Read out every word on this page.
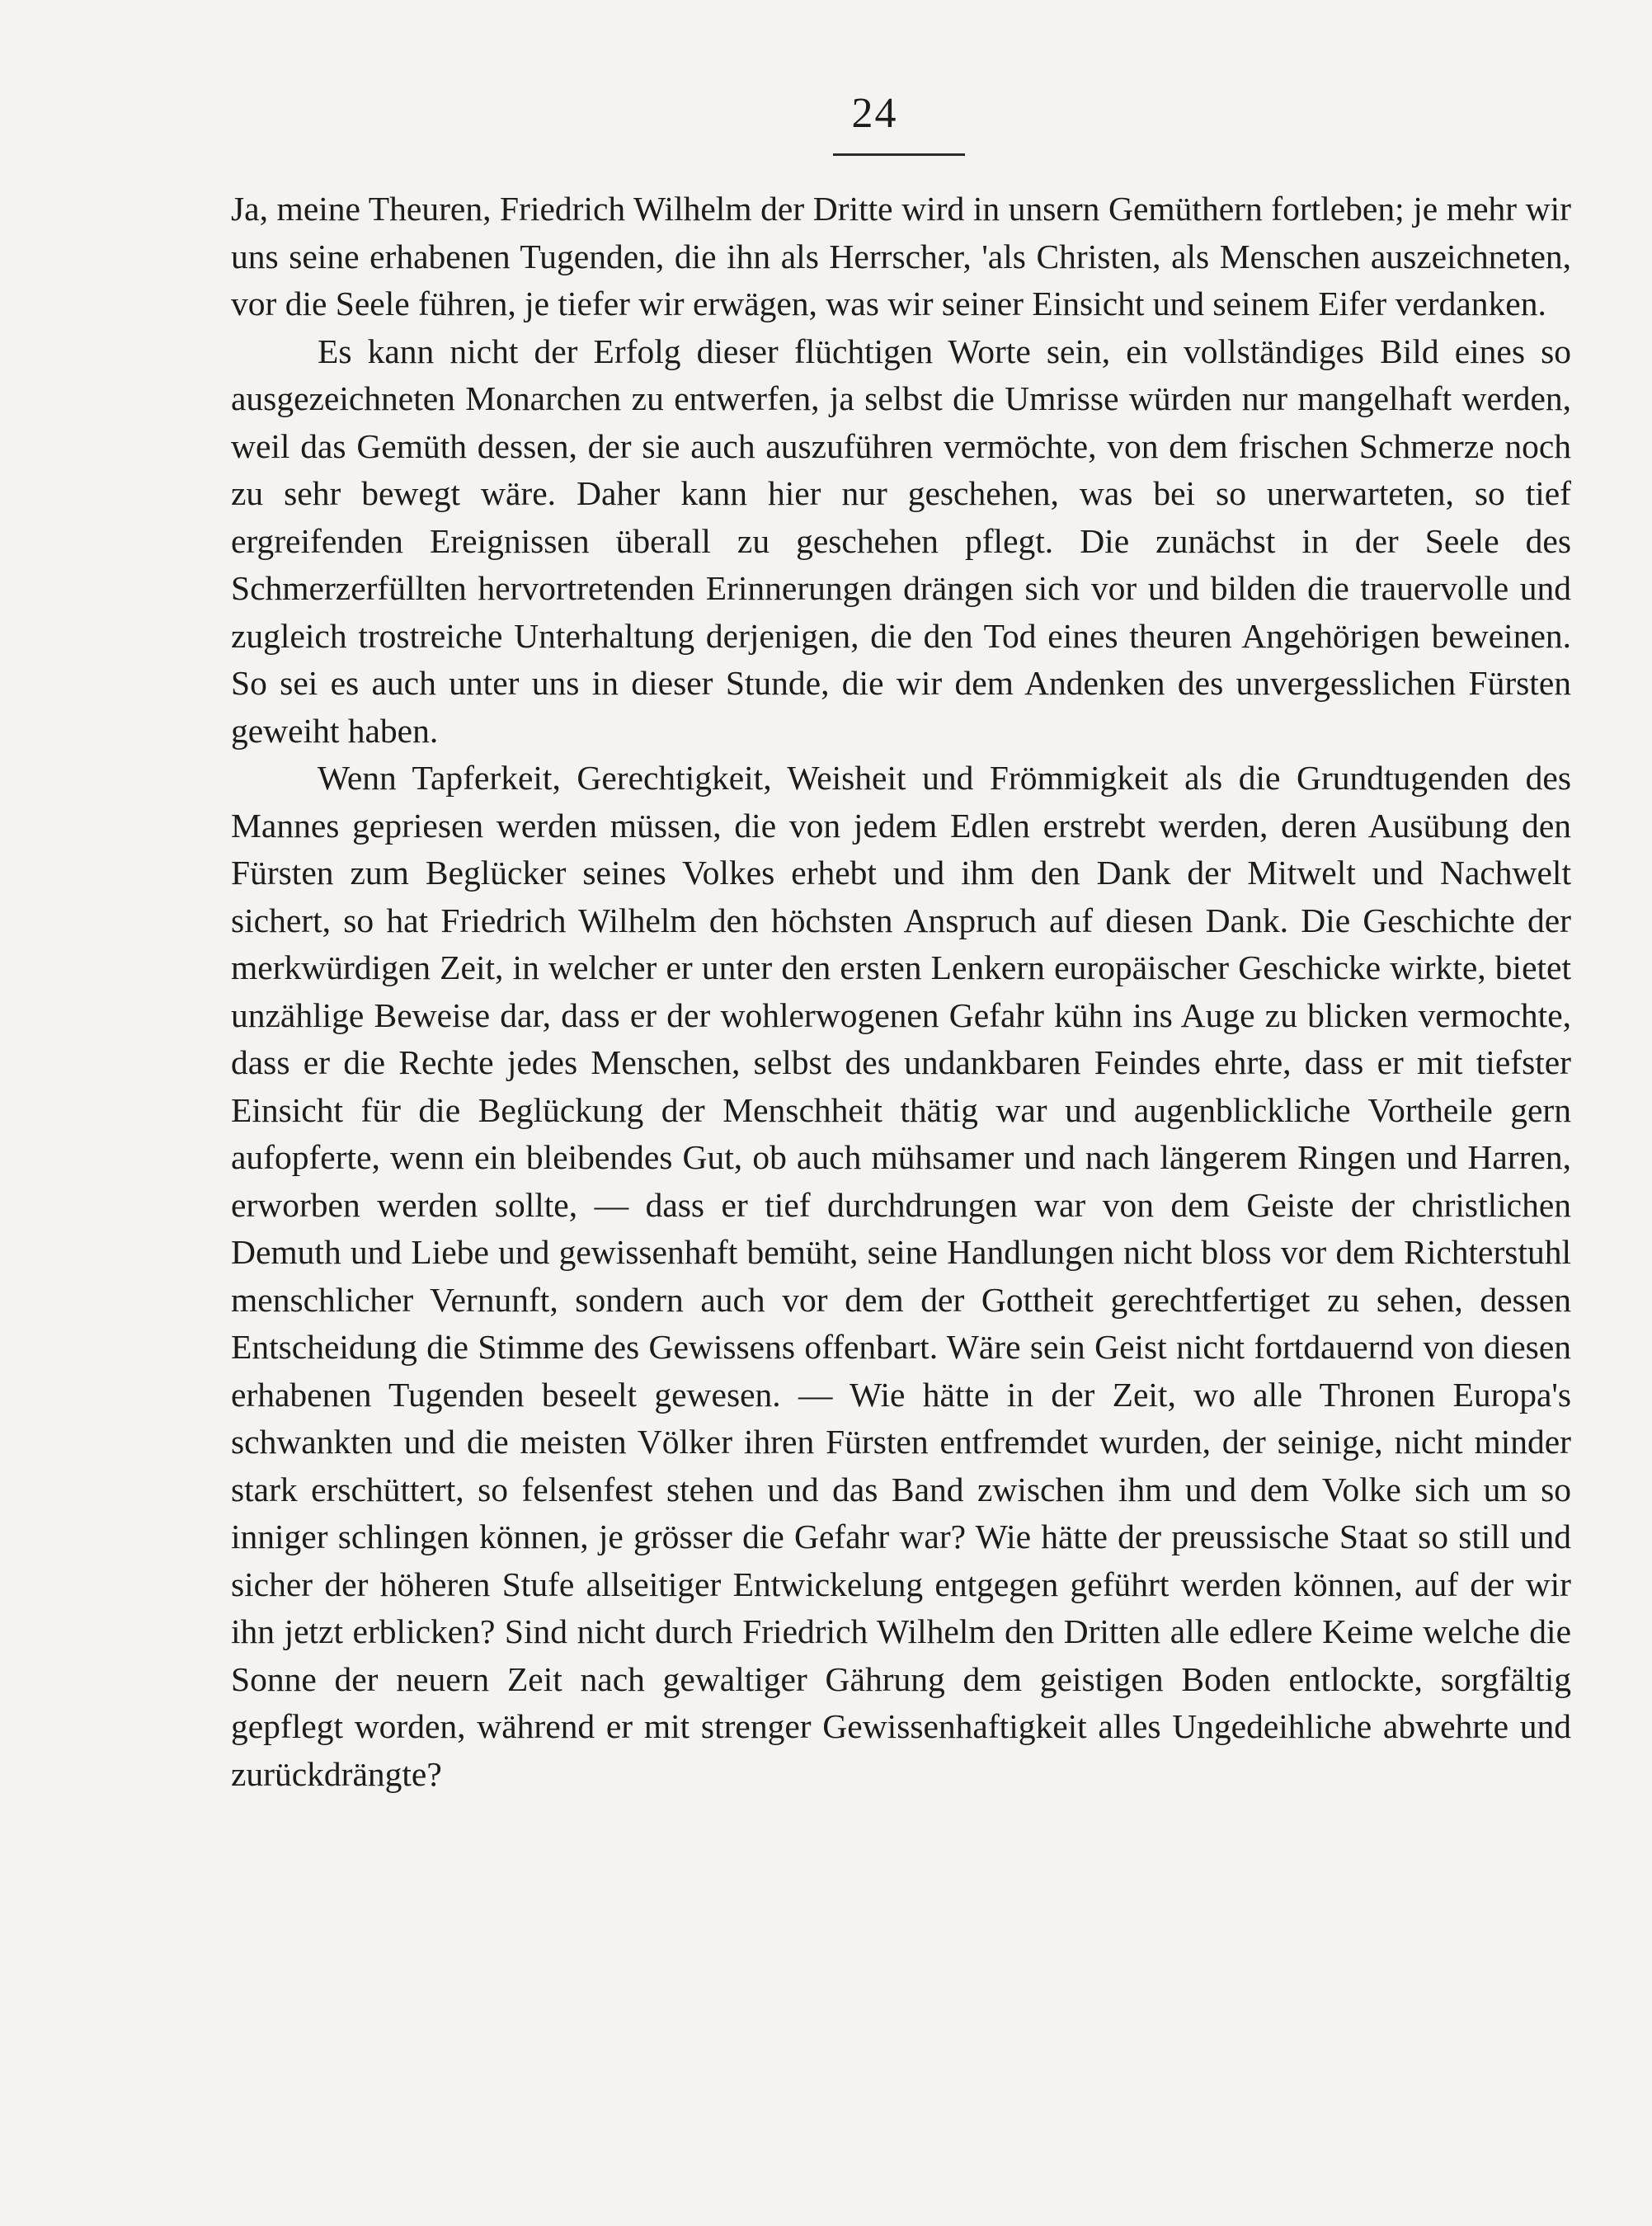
24

Ja, meine Theuren, Friedrich Wilhelm der Dritte wird in unsern Gemüthern fortleben; je mehr wir uns seine erhabenen Tugenden, die ihn als Herrscher, 'als Christen, als Menschen auszeichneten, vor die Seele führen, je tiefer wir erwägen, was wir seiner Einsicht und seinem Eifer verdanken.

Es kann nicht der Erfolg dieser flüchtigen Worte sein, ein vollständiges Bild eines so ausgezeichneten Monarchen zu entwerfen, ja selbst die Umrisse würden nur mangelhaft werden, weil das Gemüth dessen, der sie auch auszuführen vermöchte, von dem frischen Schmerze noch zu sehr bewegt wäre. Daher kann hier nur geschehen, was bei so unerwarteten, so tief ergreifenden Ereignissen überall zu geschehen pflegt. Die zunächst in der Seele des Schmerzerfüllten hervortretenden Erinnerungen drängen sich vor und bilden die trauervolle und zugleich trostreiche Unterhaltung derjenigen, die den Tod eines theuren Angehörigen beweinen. So sei es auch unter uns in dieser Stunde, die wir dem Andenken des unvergesslichen Fürsten geweiht haben.

Wenn Tapferkeit, Gerechtigkeit, Weisheit und Frömmigkeit als die Grundtugenden des Mannes gepriesen werden müssen, die von jedem Edlen erstrebt werden, deren Ausübung den Fürsten zum Beglücker seines Volkes erhebt und ihm den Dank der Mitwelt und Nachwelt sichert, so hat Friedrich Wilhelm den höchsten Anspruch auf diesen Dank. Die Geschichte der merkwürdigen Zeit, in welcher er unter den ersten Lenkern europäischer Geschicke wirkte, bietet unzählige Beweise dar, dass er der wohlerwogenen Gefahr kühn ins Auge zu blicken vermochte, dass er die Rechte jedes Menschen, selbst des undankbaren Feindes ehrte, dass er mit tiefster Einsicht für die Beglückung der Menschheit thätig war und augenblickliche Vortheile gern aufopferte, wenn ein bleibendes Gut, ob auch mühsamer und nach längerem Ringen und Harren, erworben werden sollte, — dass er tief durchdrungen war von dem Geiste der christlichen Demuth und Liebe und gewissenhaft bemüht, seine Handlungen nicht bloss vor dem Richterstuhl menschlicher Vernunft, sondern auch vor dem der Gottheit gerechtfertiget zu sehen, dessen Entscheidung die Stimme des Gewissens offenbart. Wäre sein Geist nicht fortdauernd von diesen erhabenen Tugenden beseelt gewesen. — Wie hätte in der Zeit, wo alle Thronen Europa's schwankten und die meisten Völker ihren Fürsten entfremdet wurden, der seinige, nicht minder stark erschüttert, so felsenfest stehen und das Band zwischen ihm und dem Volke sich um so inniger schlingen können, je grösser die Gefahr war? Wie hätte der preussische Staat so still und sicher der höheren Stufe allseitiger Entwickelung entgegen geführt werden können, auf der wir ihn jetzt erblicken? Sind nicht durch Friedrich Wilhelm den Dritten alle edlere Keime welche die Sonne der neuern Zeit nach gewaltiger Gährung dem geistigen Boden entlockte, sorgfältig gepflegt worden, während er mit strenger Gewissenhaftigkeit alles Ungedeihliche abwehrte und zurückdrängte?
